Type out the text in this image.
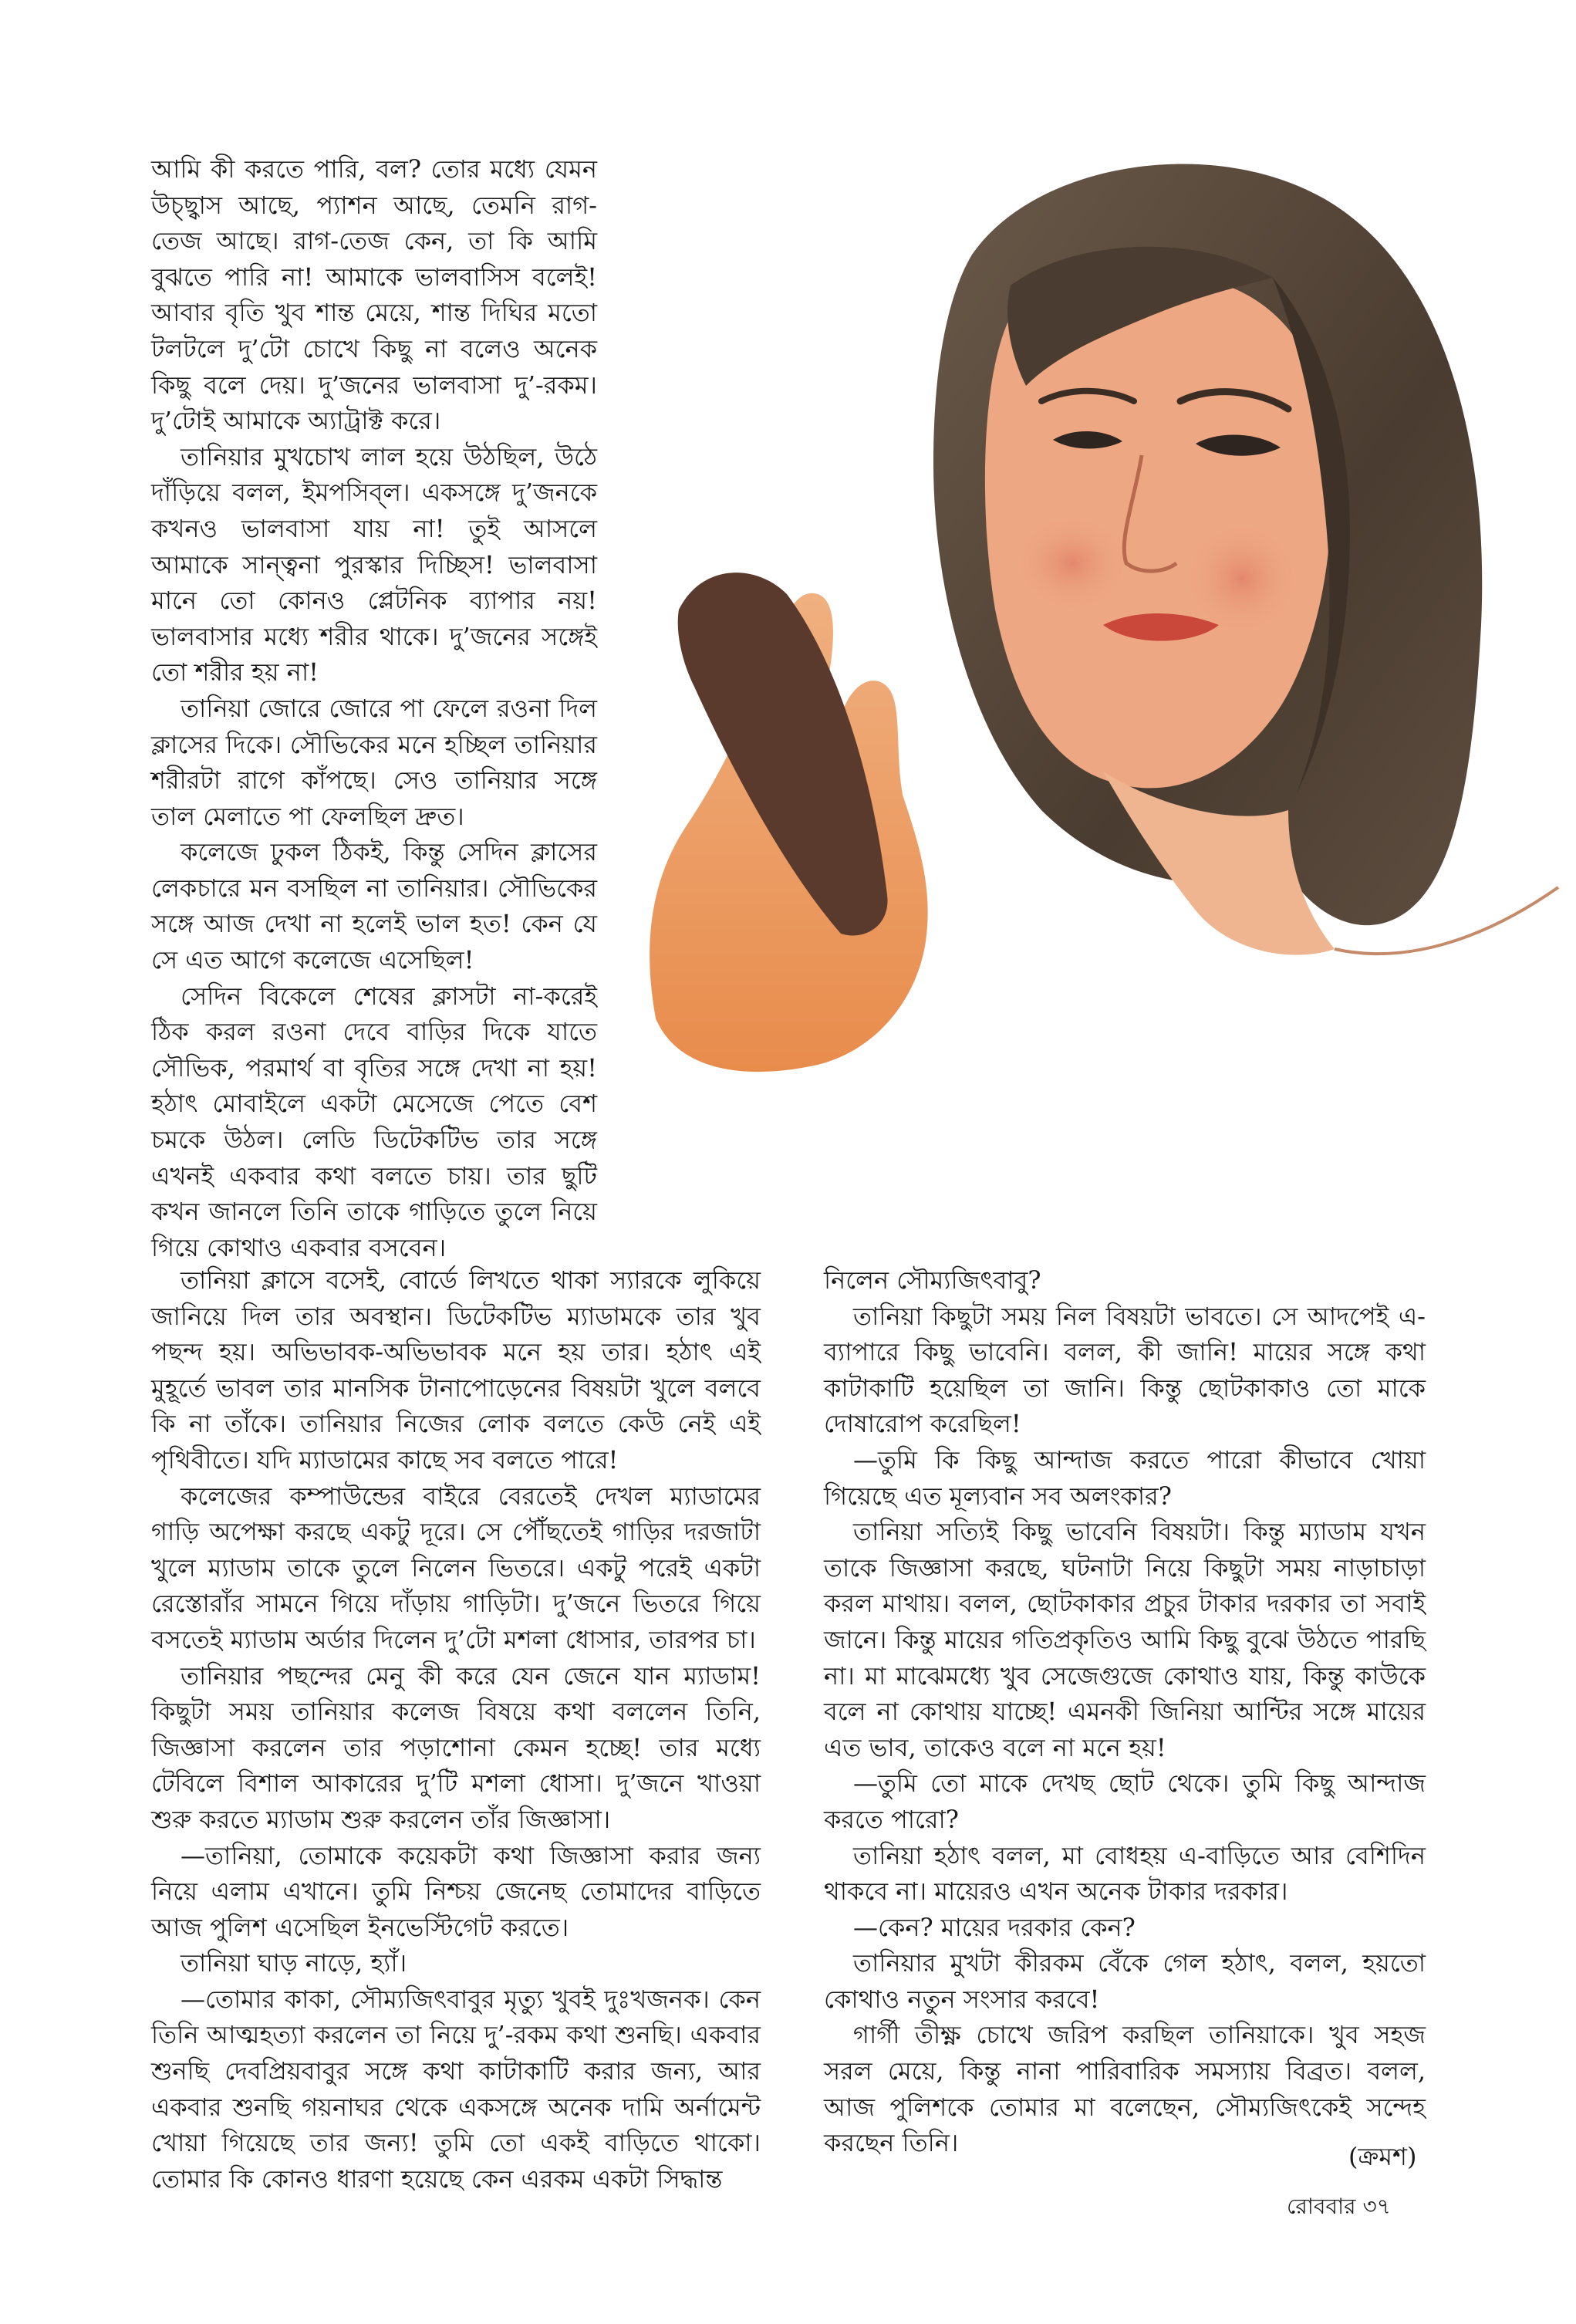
আমি কী করতে পারি, বল? তোর মধ্যে যেমন উচ্ছ্বাস আছে, প্যাশন আছে, তেমনি রাগ-তেজ আছে। রাগ-তেজ কেন, তা কি আমি বুঝতে পারি না! আমাকে ভালবাসিস বলেই! আবার বৃতি খুব শান্ত মেয়ে, শান্ত দিঘির মতো টলটলে দু’টো চোখে কিছু না বলেও অনেক কিছু বলে দেয়। দু’জনের ভালবাসা দু’-রকম। দু’টোই আমাকে অ্যাট্রাক্ট করে।

তানিয়ার মুখচোখ লাল হয়ে উঠছিল, উঠে দাঁড়িয়ে বলল, ইমপসিব্‌ল। একসঙ্গে দু’জনকে কখনও ভালবাসা যায় না! তুই আসলে আমাকে সান্ত্বনা পুরস্কার দিচ্ছিস! ভালবাসা মানে তো কোনও প্লেটনিক ব্যাপার নয়! ভালবাসার মধ্যে শরীর থাকে। দু’জনের সঙ্গেই তো শরীর হয় না!

তানিয়া জোরে জোরে পা ফেলে রওনা দিল ক্লাসের দিকে। সৌভিকের মনে হচ্ছিল তানিয়ার শরীরটা রাগে কাঁপছে। সেও তানিয়ার সঙ্গে তাল মেলাতে পা ফেলছিল দ্রুত।

কলেজে ঢুকল ঠিকই, কিন্তু সেদিন ক্লাসের লেকচারে মন বসছিল না তানিয়ার। সৌভিকের সঙ্গে আজ দেখা না হলেই ভাল হত! কেন যে সে এত আগে কলেজে এসেছিল!

সেদিন বিকেলে শেষের ক্লাসটা না-করেই ঠিক করল রওনা দেবে বাড়ির দিকে যাতে সৌভিক, পরমার্থ বা বৃতির সঙ্গে দেখা না হয়! হঠাৎ মোবাইলে একটা মেসেজে পেতে বেশ চমকে উঠল। লেডি ডিটেকটিভ তার সঙ্গে এখনই একবার কথা বলতে চায়। তার ছুটি কখন জানলে তিনি তাকে গাড়িতে তুলে নিয়ে গিয়ে কোথাও একবার বসবেন।

তানিয়া ক্লাসে বসেই, বোর্ডে লিখতে থাকা স্যারকে লুকিয়ে জানিয়ে দিল তার অবস্থান। ডিটেকটিভ ম্যাডামকে তার খুব পছন্দ হয়। অভিভাবক-অভিভাবক মনে হয় তার। হঠাৎ এই মুহূর্তে ভাবল তার মানসিক টানাপোড়েনের বিষয়টা খুলে বলবে কি না তাঁকে। তানিয়ার নিজের লোক বলতে কেউ নেই এই পৃথিবীতে। যদি ম্যাডামের কাছে সব বলতে পারে!

কলেজের কম্পাউন্ডের বাইরে বেরতেই দেখল ম্যাডামের গাড়ি অপেক্ষা করছে একটু দূরে। সে পৌঁছতেই গাড়ির দরজাটা খুলে ম্যাডাম তাকে তুলে নিলেন ভিতরে। একটু পরেই একটা রেস্তোরাঁর সামনে গিয়ে দাঁড়ায় গাড়িটা। দু’জনে ভিতরে গিয়ে বসতেই ম্যাডাম অর্ডার দিলেন দু’টো মশলা ধোসার, তারপর চা।

তানিয়ার পছন্দের মেনু কী করে যেন জেনে যান ম্যাডাম! কিছুটা সময় তানিয়ার কলেজ বিষয়ে কথা বললেন তিনি, জিজ্ঞাসা করলেন তার পড়াশোনা কেমন হচ্ছে! তার মধ্যে টেবিলে বিশাল আকারের দু’টি মশলা ধোসা। দু’জনে খাওয়া শুরু করতে ম্যাডাম শুরু করলেন তাঁর জিজ্ঞাসা।

—তানিয়া, তোমাকে কয়েকটা কথা জিজ্ঞাসা করার জন্য নিয়ে এলাম এখানে। তুমি নিশ্চয় জেনেছ তোমাদের বাড়িতে আজ পুলিশ এসেছিল ইনভেস্টিগেট করতে।

তানিয়া ঘাড় নাড়ে, হ্যাঁ।

—তোমার কাকা, সৌম্যজিৎবাবুর মৃত্যু খুবই দুঃখজনক। কেন তিনি আত্মহত্যা করলেন তা নিয়ে দু’-রকম কথা শুনছি। একবার শুনছি দেবপ্রিয়বাবুর সঙ্গে কথা কাটাকাটি করার জন্য, আর একবার শুনছি গয়নাঘর থেকে একসঙ্গে অনেক দামি অর্নামেন্ট খোয়া গিয়েছে তার জন্য! তুমি তো একই বাড়িতে থাকো। তোমার কি কোনও ধারণা হয়েছে কেন এরকম একটা সিদ্ধান্ত

নিলেন সৌম্যজিৎবাবু?

তানিয়া কিছুটা সময় নিল বিষয়টা ভাবতে। সে আদপেই এ-ব্যাপারে কিছু ভাবেনি। বলল, কী জানি! মায়ের সঙ্গে কথা কাটাকাটি হয়েছিল তা জানি। কিন্তু ছোটকাকাও তো মাকে দোষারোপ করেছিল!

—তুমি কি কিছু আন্দাজ করতে পারো কীভাবে খোয়া গিয়েছে এত মূল্যবান সব অলংকার?

তানিয়া সত্যিই কিছু ভাবেনি বিষয়টা। কিন্তু ম্যাডাম যখন তাকে জিজ্ঞাসা করছে, ঘটনাটা নিয়ে কিছুটা সময় নাড়াচাড়া করল মাথায়। বলল, ছোটকাকার প্রচুর টাকার দরকার তা সবাই জানে। কিন্তু মায়ের গতিপ্রকৃতিও আমি কিছু বুঝে উঠতে পারছি না। মা মাঝেমধ্যে খুব সেজেগুজে কোথাও যায়, কিন্তু কাউকে বলে না কোথায় যাচ্ছে! এমনকী জিনিয়া আন্টির সঙ্গে মায়ের এত ভাব, তাকেও বলে না মনে হয়!

—তুমি তো মাকে দেখছ ছোট থেকে। তুমি কিছু আন্দাজ করতে পারো?

তানিয়া হঠাৎ বলল, মা বোধহয় এ-বাড়িতে আর বেশিদিন থাকবে না। মায়েরও এখন অনেক টাকার দরকার।

—কেন? মায়ের দরকার কেন?

তানিয়ার মুখটা কীরকম বেঁকে গেল হঠাৎ, বলল, হয়তো কোথাও নতুন সংসার করবে!

গার্গী তীক্ষ্ণ চোখে জরিপ করছিল তানিয়াকে। খুব সহজ সরল মেয়ে, কিন্তু নানা পারিবারিক সমস্যায় বিব্রত। বলল, আজ পুলিশকে তোমার মা বলেছেন, সৌম্যজিৎকেই সন্দেহ করছেন তিনি।	(ক্রমশ)
রোববার ৩৭
